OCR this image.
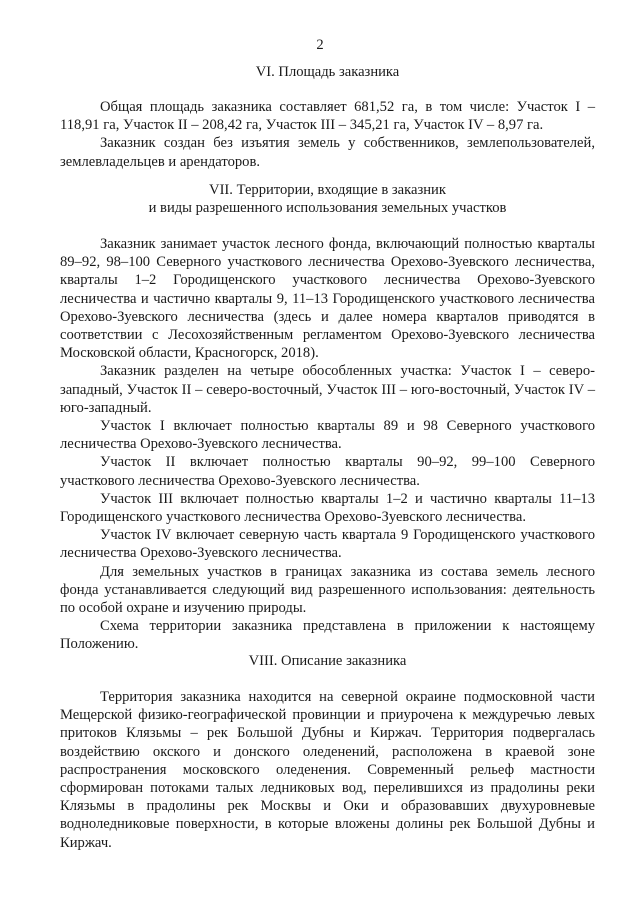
2
VI. Площадь заказника

Общая площадь заказника составляет 681,52 га, в том числе: Участок I – 118,91 га, Участок II – 208,42 га, Участок III – 345,21 га, Участок IV – 8,97 га.

Заказник создан без изъятия земель у собственников, землепользователей, землевладельцев и арендаторов.

VII. Территории, входящие в заказник
и виды разрешенного использования земельных участков

Заказник занимает участок лесного фонда, включающий полностью кварталы 89–92, 98–100 Северного участкового лесничества Орехово-Зуевского лесничества, кварталы 1–2 Городищенского участкового лесничества Орехово-Зуевского лесничества и частично кварталы 9, 11–13 Городищенского участкового лесничества Орехово-Зуевского лесничества (здесь и далее номера кварталов приводятся в соответствии с Лесохозяйственным регламентом Орехово-Зуевского лесничества Московской области, Красногорск, 2018).

Заказник разделен на четыре обособленных участка: Участок I – северо-западный, Участок II – северо-восточный, Участок III – юго-восточный, Участок IV – юго-западный.

Участок I включает полностью кварталы 89 и 98 Северного участкового лесничества Орехово-Зуевского лесничества.

Участок II включает полностью кварталы 90–92, 99–100 Северного участкового лесничества Орехово-Зуевского лесничества.

Участок III включает полностью кварталы 1–2 и частично кварталы 11–13 Городищенского участкового лесничества Орехово-Зуевского лесничества.

Участок IV включает северную часть квартала 9 Городищенского участкового лесничества Орехово-Зуевского лесничества.

Для земельных участков в границах заказника из состава земель лесного фонда устанавливается следующий вид разрешенного использования: деятельность по особой охране и изучению природы.

Схема территории заказника представлена в приложении к настоящему Положению.

VIII. Описание заказника

Территория заказника находится на северной окраине подмосковной части Мещерской физико-географической провинции и приурочена к междуречью левых притоков Клязьмы – рек Большой Дубны и Киржач. Территория подвергалась воздействию окского и донского оледенений, расположена в краевой зоне распространения московского оледенения. Современный рельеф мастности сформирован потоками талых ледниковых вод, перелившихся из прадолины реки Клязьмы в прадолины рек Москвы и Оки и образовавших двухуровневые водноледниковые поверхности, в которые вложены долины рек Большой Дубны и Киржач.
